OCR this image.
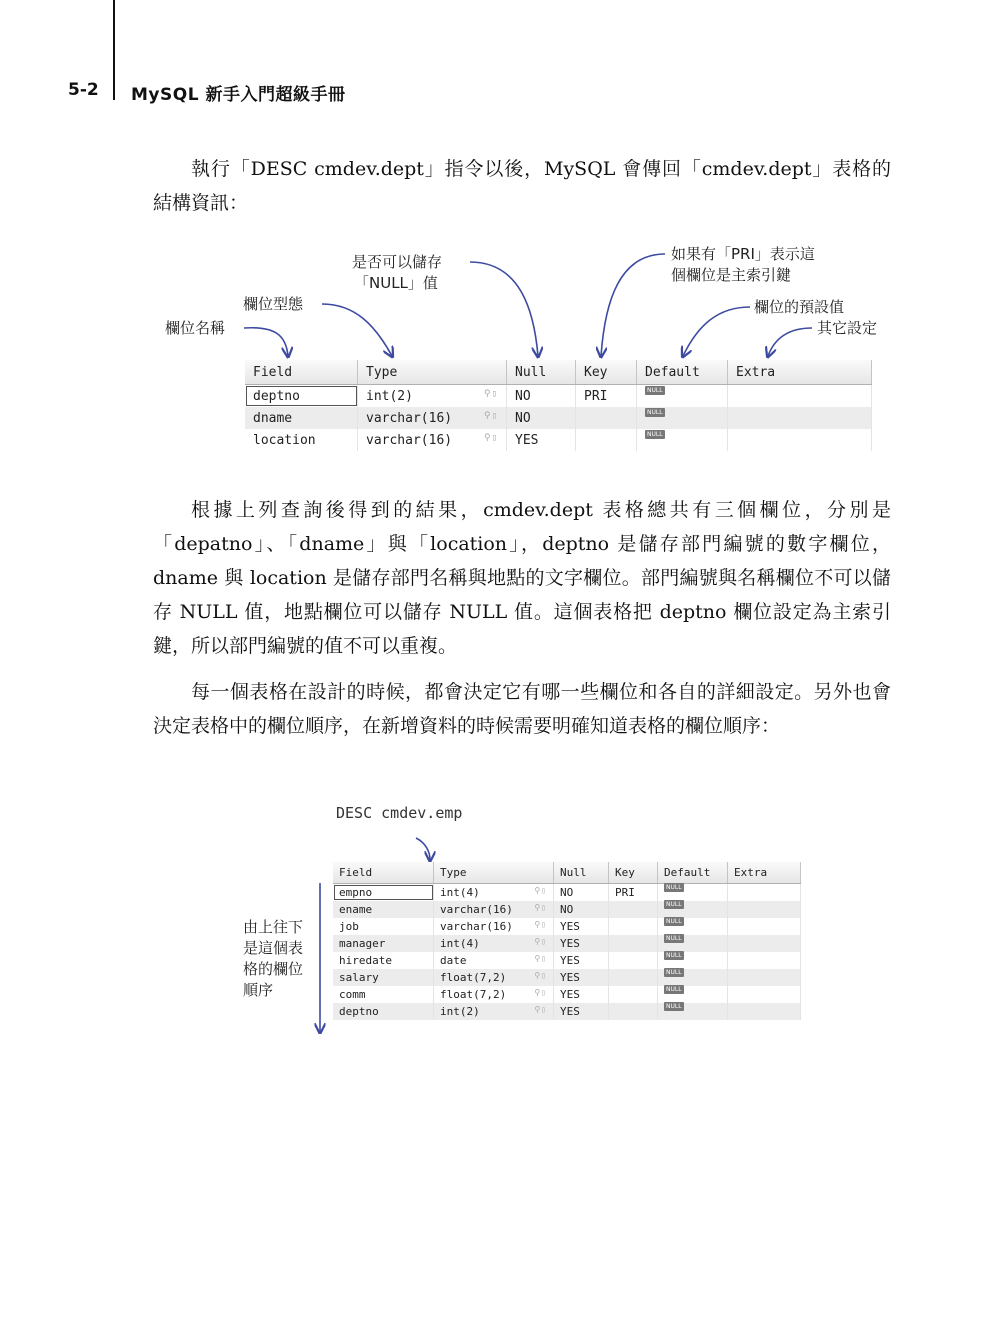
5-2 MySQL 新手入門超級手冊

執行「DESC cmdev.dept」指令以後，MySQL 會傳回「cmdev.dept」表格的結構資訊：

欄位名稱
欄位型態
是否可以儲存
「NULL」值
如果有「PRI」表示這
個欄位是主索引鍵
欄位的預設值
其它設定
Field	Type	Null	Key	Default	Extra
deptno	int(2) ⚲▯	NO	PRI	NULL	
dname	varchar(16) ⚲▯	NO		NULL	
location	varchar(16) ⚲▯	YES		NULL	

根據上列查詢後得到的結果，cmdev.dept 表格總共有三個欄位，分別是「depatno」、「dname」與「location」，deptno 是儲存部門編號的數字欄位，dname 與 location 是儲存部門名稱與地點的文字欄位。部門編號與名稱欄位不可以儲存 NULL 值，地點欄位可以儲存 NULL 值。這個表格把 deptno 欄位設定為主索引鍵，所以部門編號的值不可以重複。

每一個表格在設計的時候，都會決定它有哪一些欄位和各自的詳細設定。另外也會決定表格中的欄位順序，在新增資料的時候需要明確知道表格的欄位順序：

DESC cmdev.emp
由上往下
是這個表
格的欄位
順序
Field	Type	Null	Key	Default	Extra
empno	int(4) ⚲▯	NO	PRI	NULL	
ename	varchar(16) ⚲▯	NO		NULL	
job	varchar(16) ⚲▯	YES		NULL	
manager	int(4) ⚲▯	YES		NULL	
hiredate	date ⚲▯	YES		NULL	
salary	float(7,2) ⚲▯	YES		NULL	
comm	float(7,2) ⚲▯	YES		NULL	
deptno	int(2) ⚲▯	YES		NULL	
